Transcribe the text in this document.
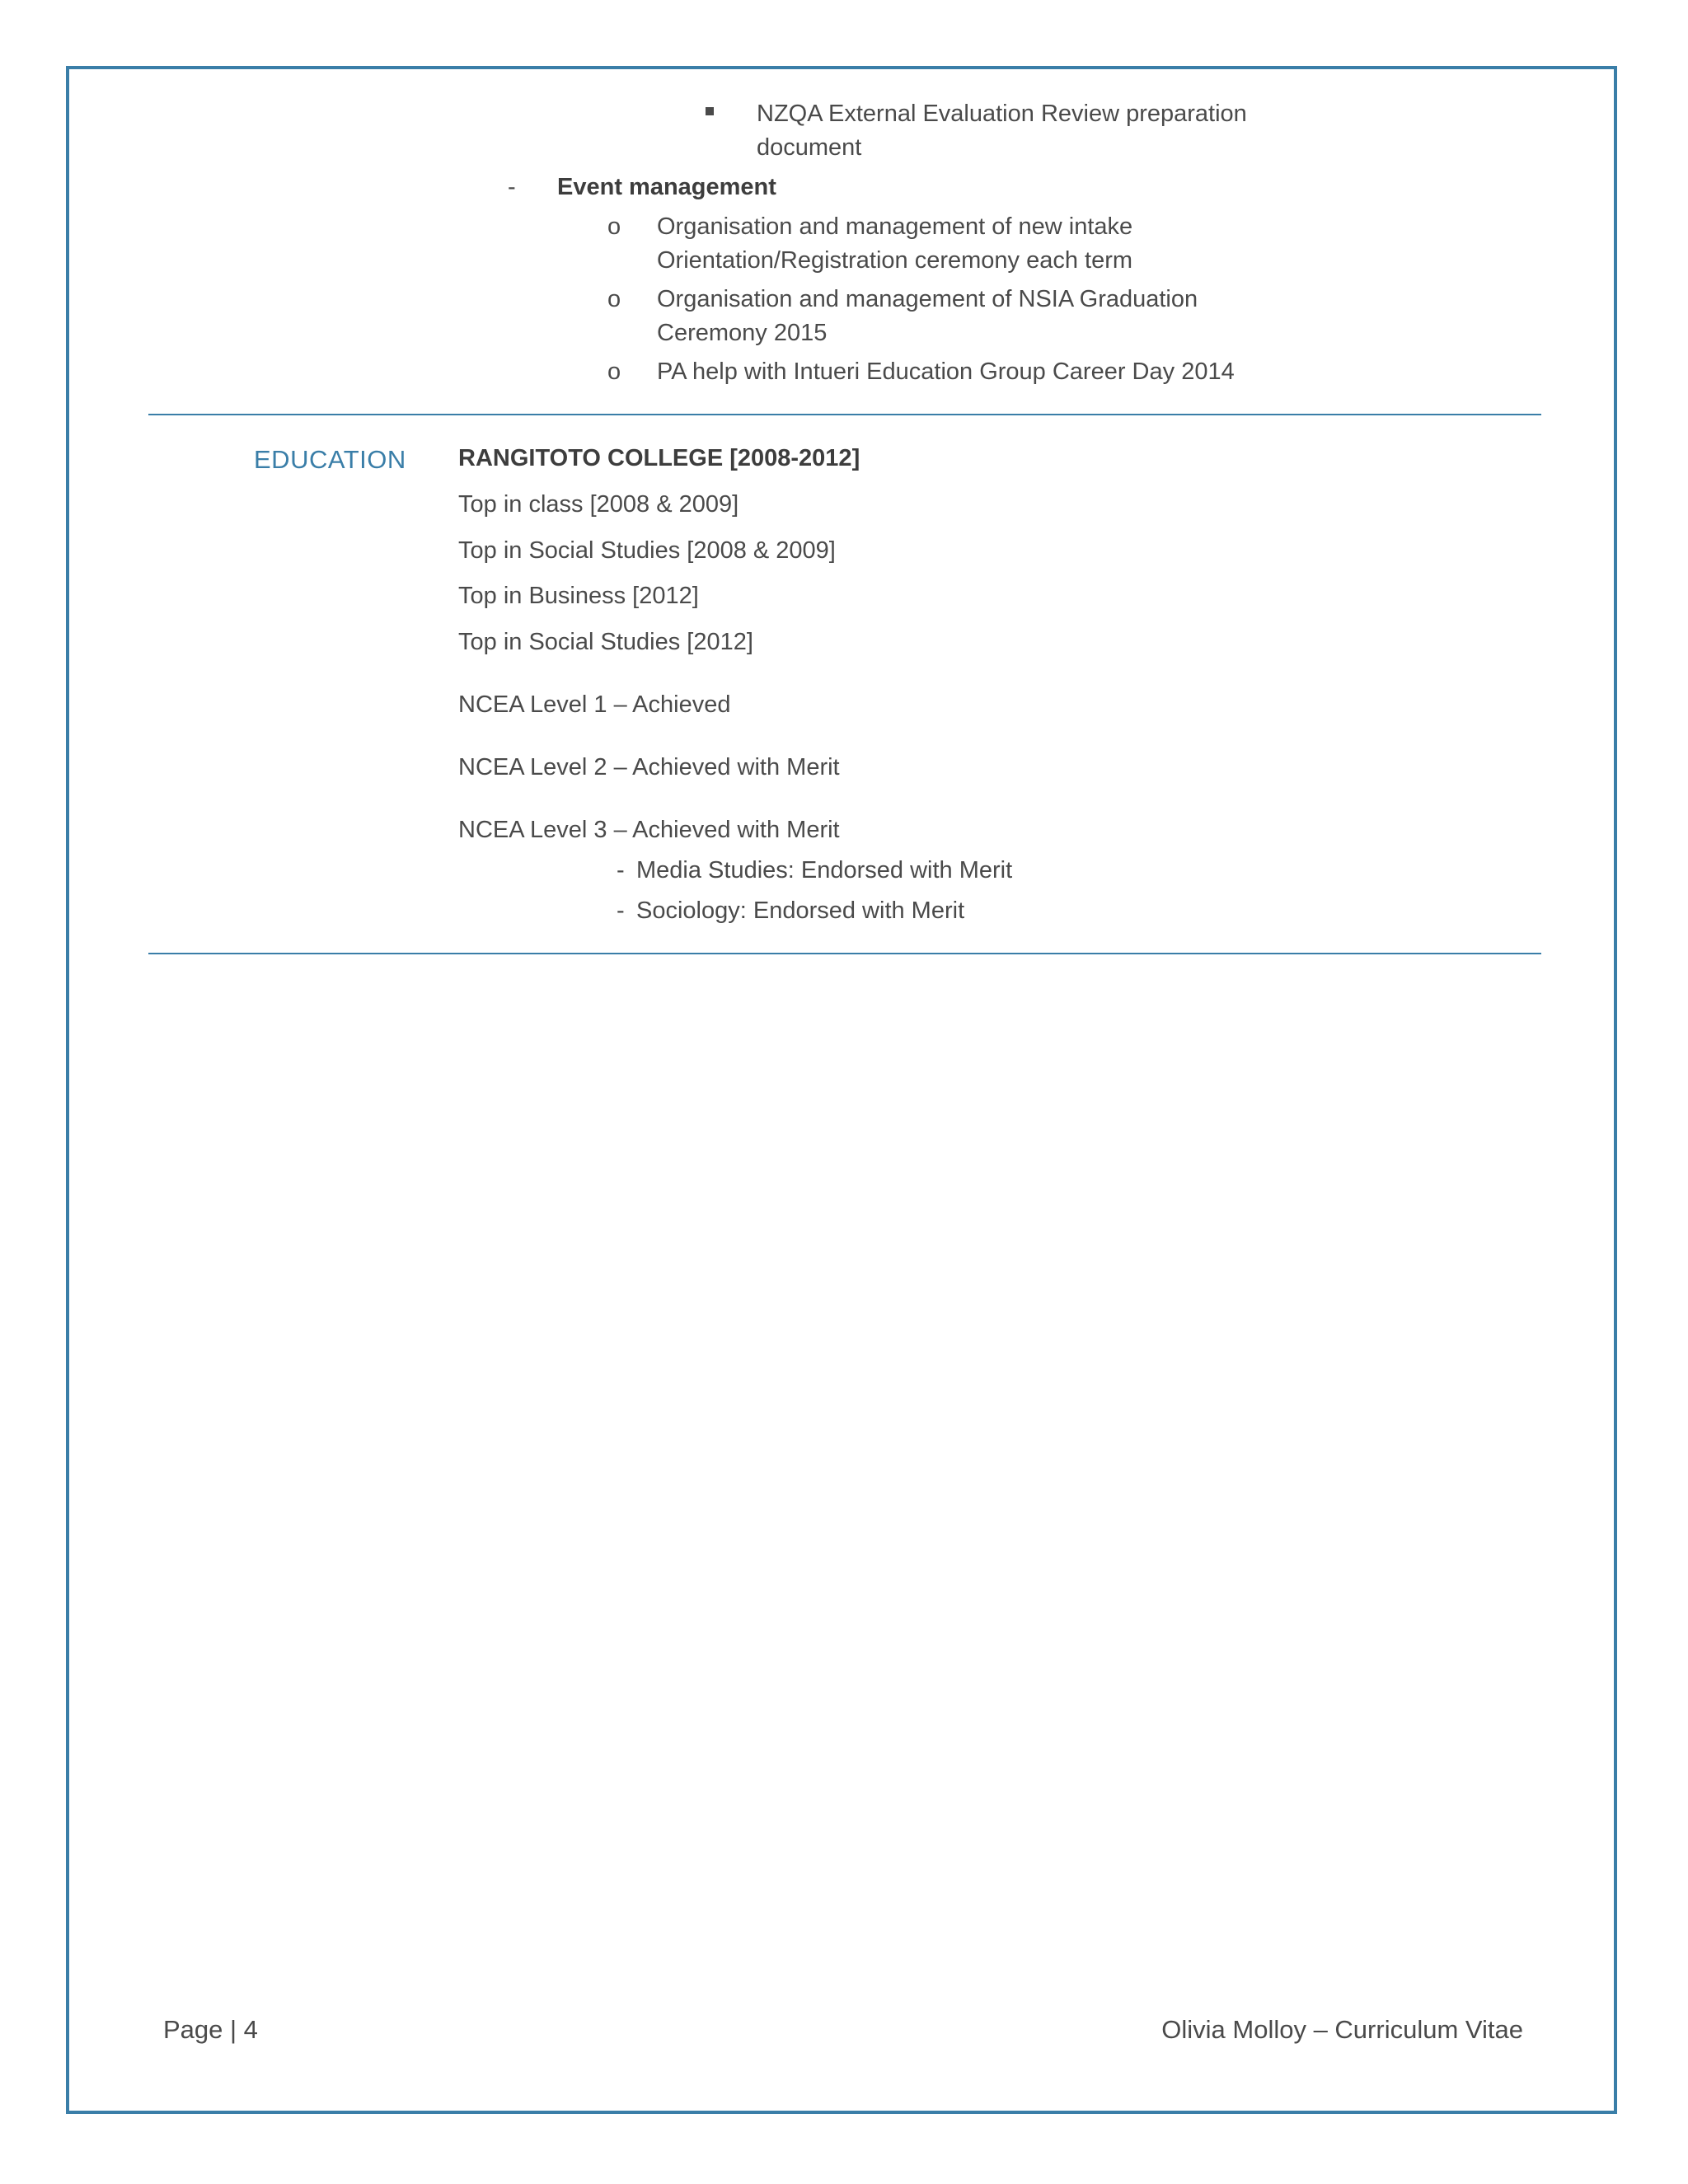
NZQA External Evaluation Review preparation
document
- Event management
o Organisation and management of new intake
Orientation/Registration ceremony each term
o Organisation and management of NSIA Graduation
Ceremony 2015
o PA help with Intueri Education Group Career Day 2014
EDUCATION RANGITOTO COLLEGE [2008-2012]
Top in class [2008 & 2009]
Top in Social Studies [2008 & 2009]
Top in Business [2012]
Top in Social Studies [2012]
NCEA Level 1 – Achieved
NCEA Level 2 – Achieved with Merit
NCEA Level 3 – Achieved with Merit
- Media Studies: Endorsed with Merit
- Sociology: Endorsed with Merit
Page | 4	Olivia Molloy – Curriculum Vitae
